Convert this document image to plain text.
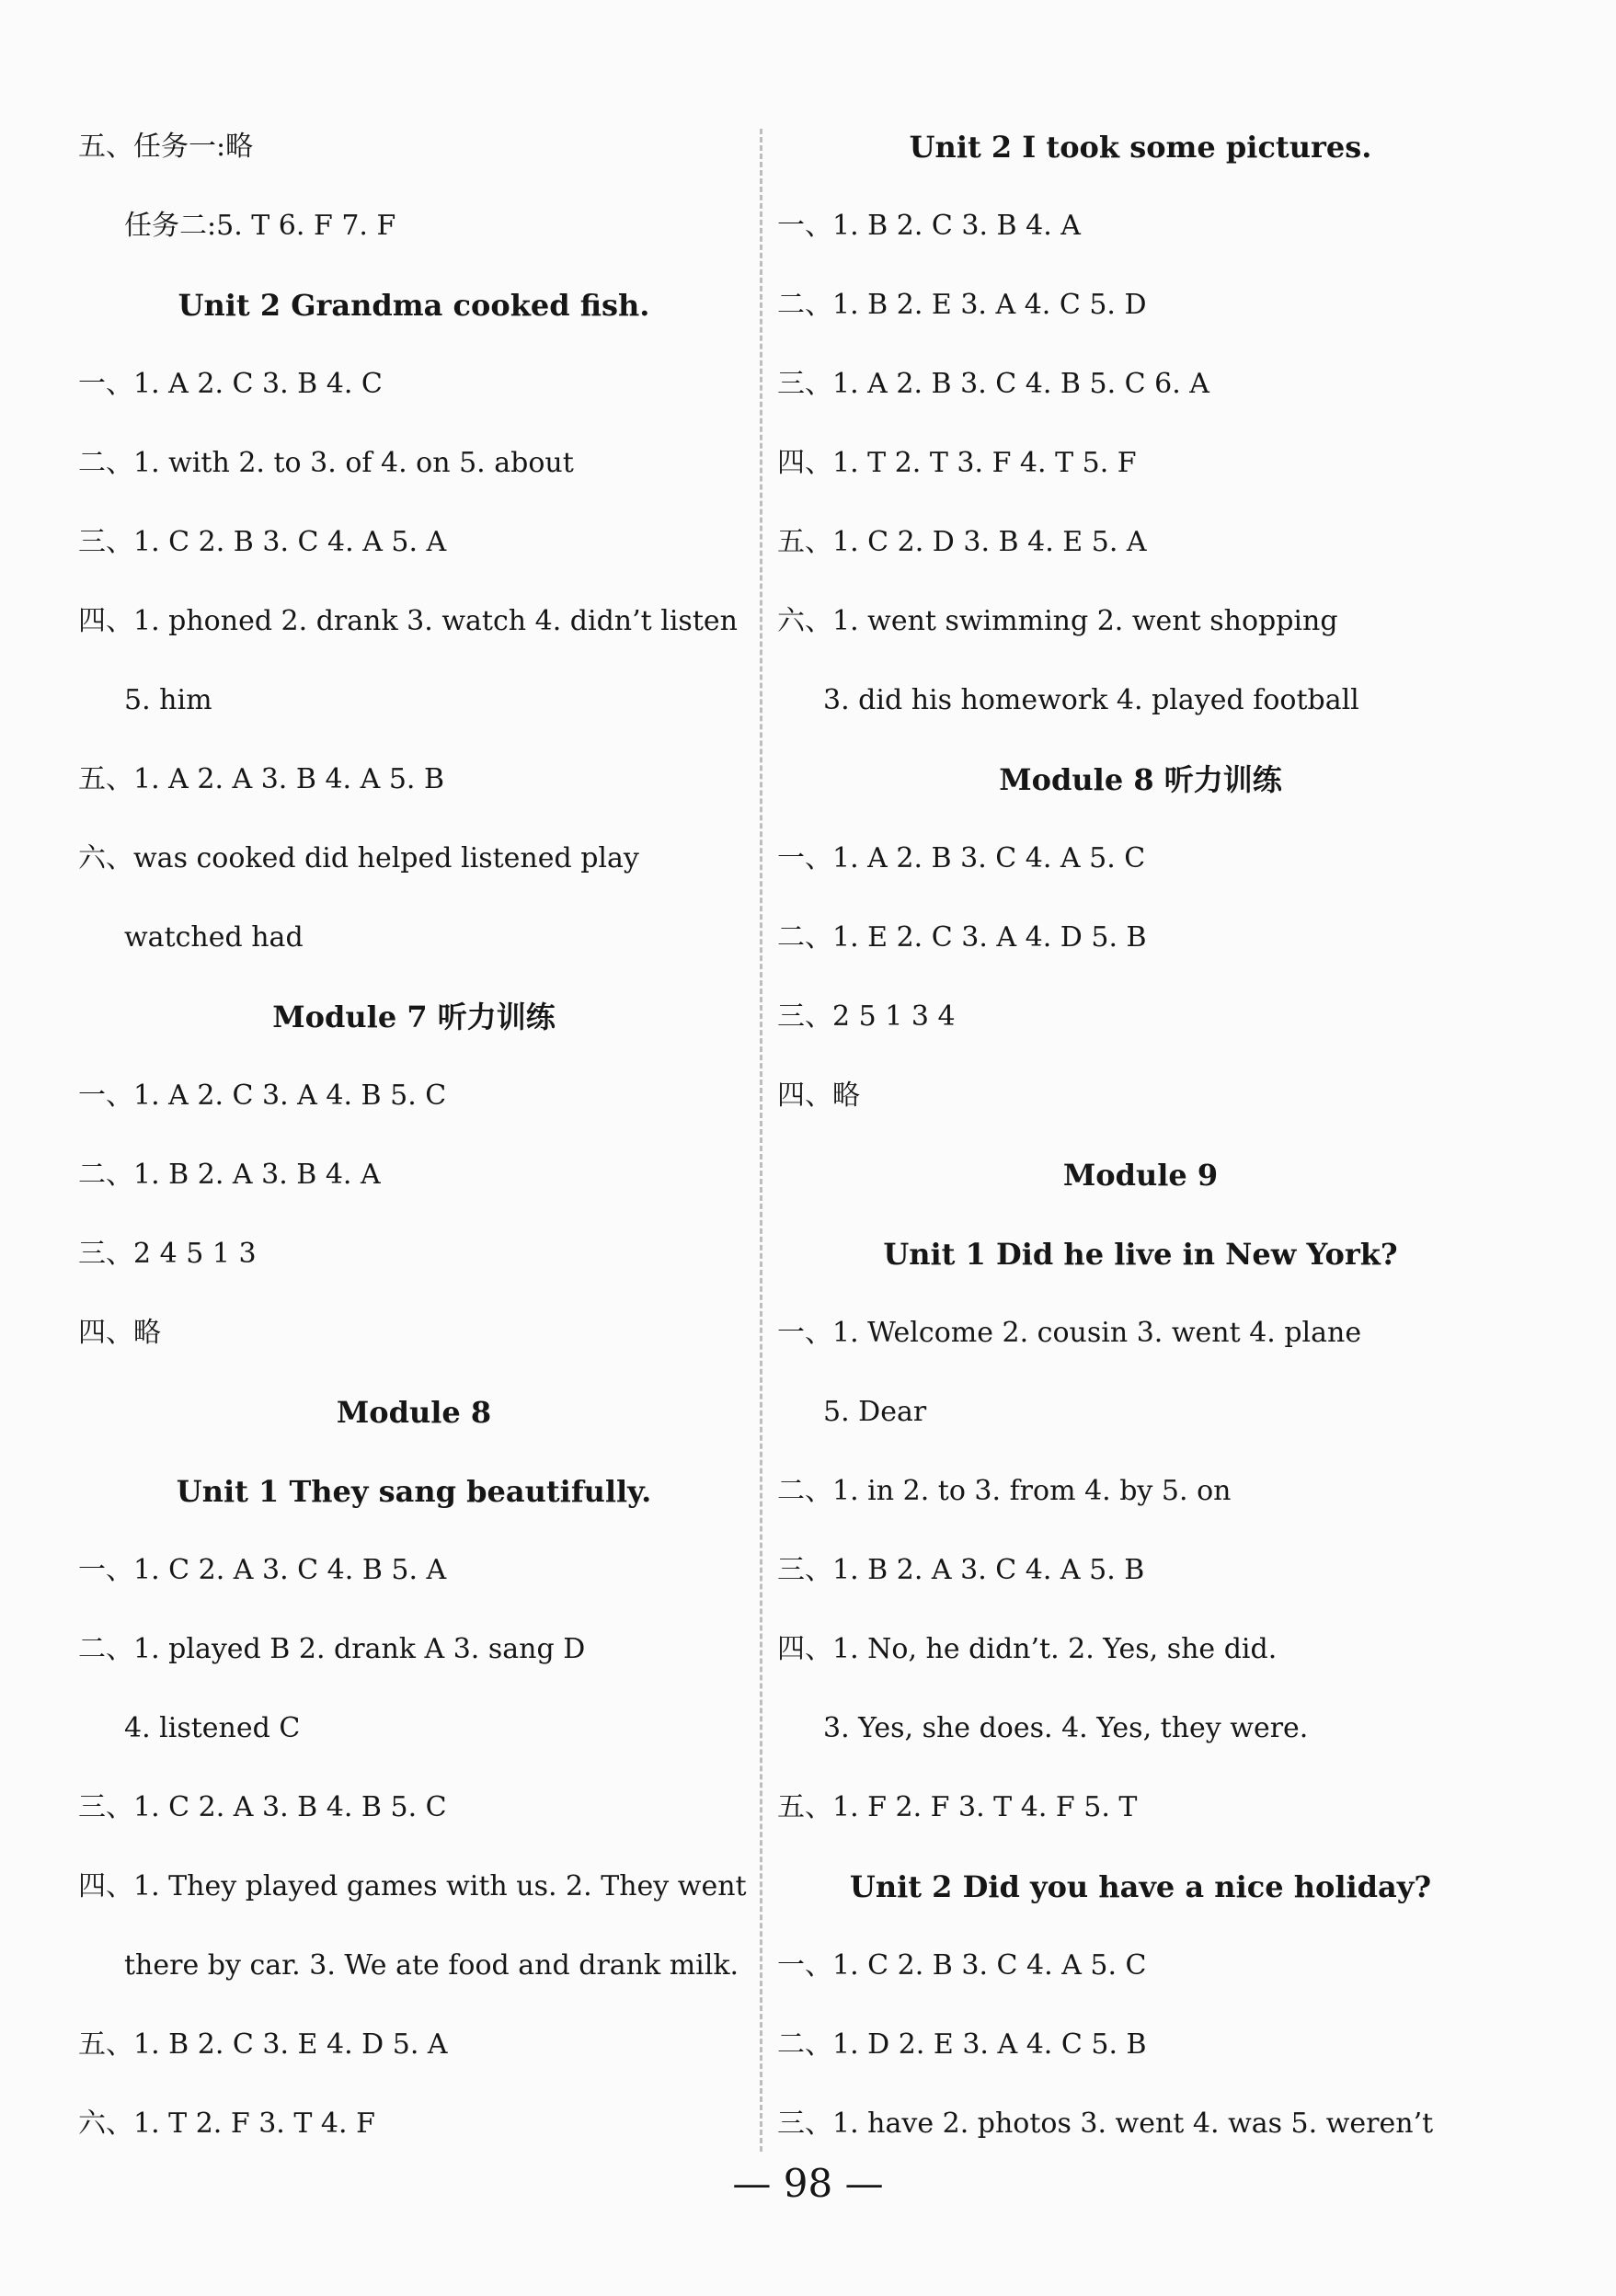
五、任务一:略
任务二:5. T 6. F 7. F
Unit 2 Grandma cooked fish.
一、1. A 2. C 3. B 4. C
二、1. with 2. to 3. of 4. on 5. about
三、1. C 2. B 3. C 4. A 5. A
四、1. phoned 2. drank 3. watch 4. didn’t listen
5. him
五、1. A 2. A 3. B 4. A 5. B
六、was cooked did helped listened play
watched had
Module 7 听力训练
一、1. A 2. C 3. A 4. B 5. C
二、1. B 2. A 3. B 4. A
三、2 4 5 1 3
四、略
Module 8
Unit 1 They sang beautifully.
一、1. C 2. A 3. C 4. B 5. A
二、1. played B 2. drank A 3. sang D
4. listened C
三、1. C 2. A 3. B 4. B 5. C
四、1. They played games with us. 2. They went
there by car. 3. We ate food and drank milk.
五、1. B 2. C 3. E 4. D 5. A
六、1. T 2. F 3. T 4. F
Unit 2 I took some pictures.
一、1. B 2. C 3. B 4. A
二、1. B 2. E 3. A 4. C 5. D
三、1. A 2. B 3. C 4. B 5. C 6. A
四、1. T 2. T 3. F 4. T 5. F
五、1. C 2. D 3. B 4. E 5. A
六、1. went swimming 2. went shopping
3. did his homework 4. played football
Module 8 听力训练
一、1. A 2. B 3. C 4. A 5. C
二、1. E 2. C 3. A 4. D 5. B
三、2 5 1 3 4
四、略
Module 9
Unit 1 Did he live in New York?
一、1. Welcome 2. cousin 3. went 4. plane
5. Dear
二、1. in 2. to 3. from 4. by 5. on
三、1. B 2. A 3. C 4. A 5. B
四、1. No, he didn’t. 2. Yes, she did.
3. Yes, she does. 4. Yes, they were.
五、1. F 2. F 3. T 4. F 5. T
Unit 2 Did you have a nice holiday?
一、1. C 2. B 3. C 4. A 5. C
二、1. D 2. E 3. A 4. C 5. B
三、1. have 2. photos 3. went 4. was 5. weren’t
— 98 —
